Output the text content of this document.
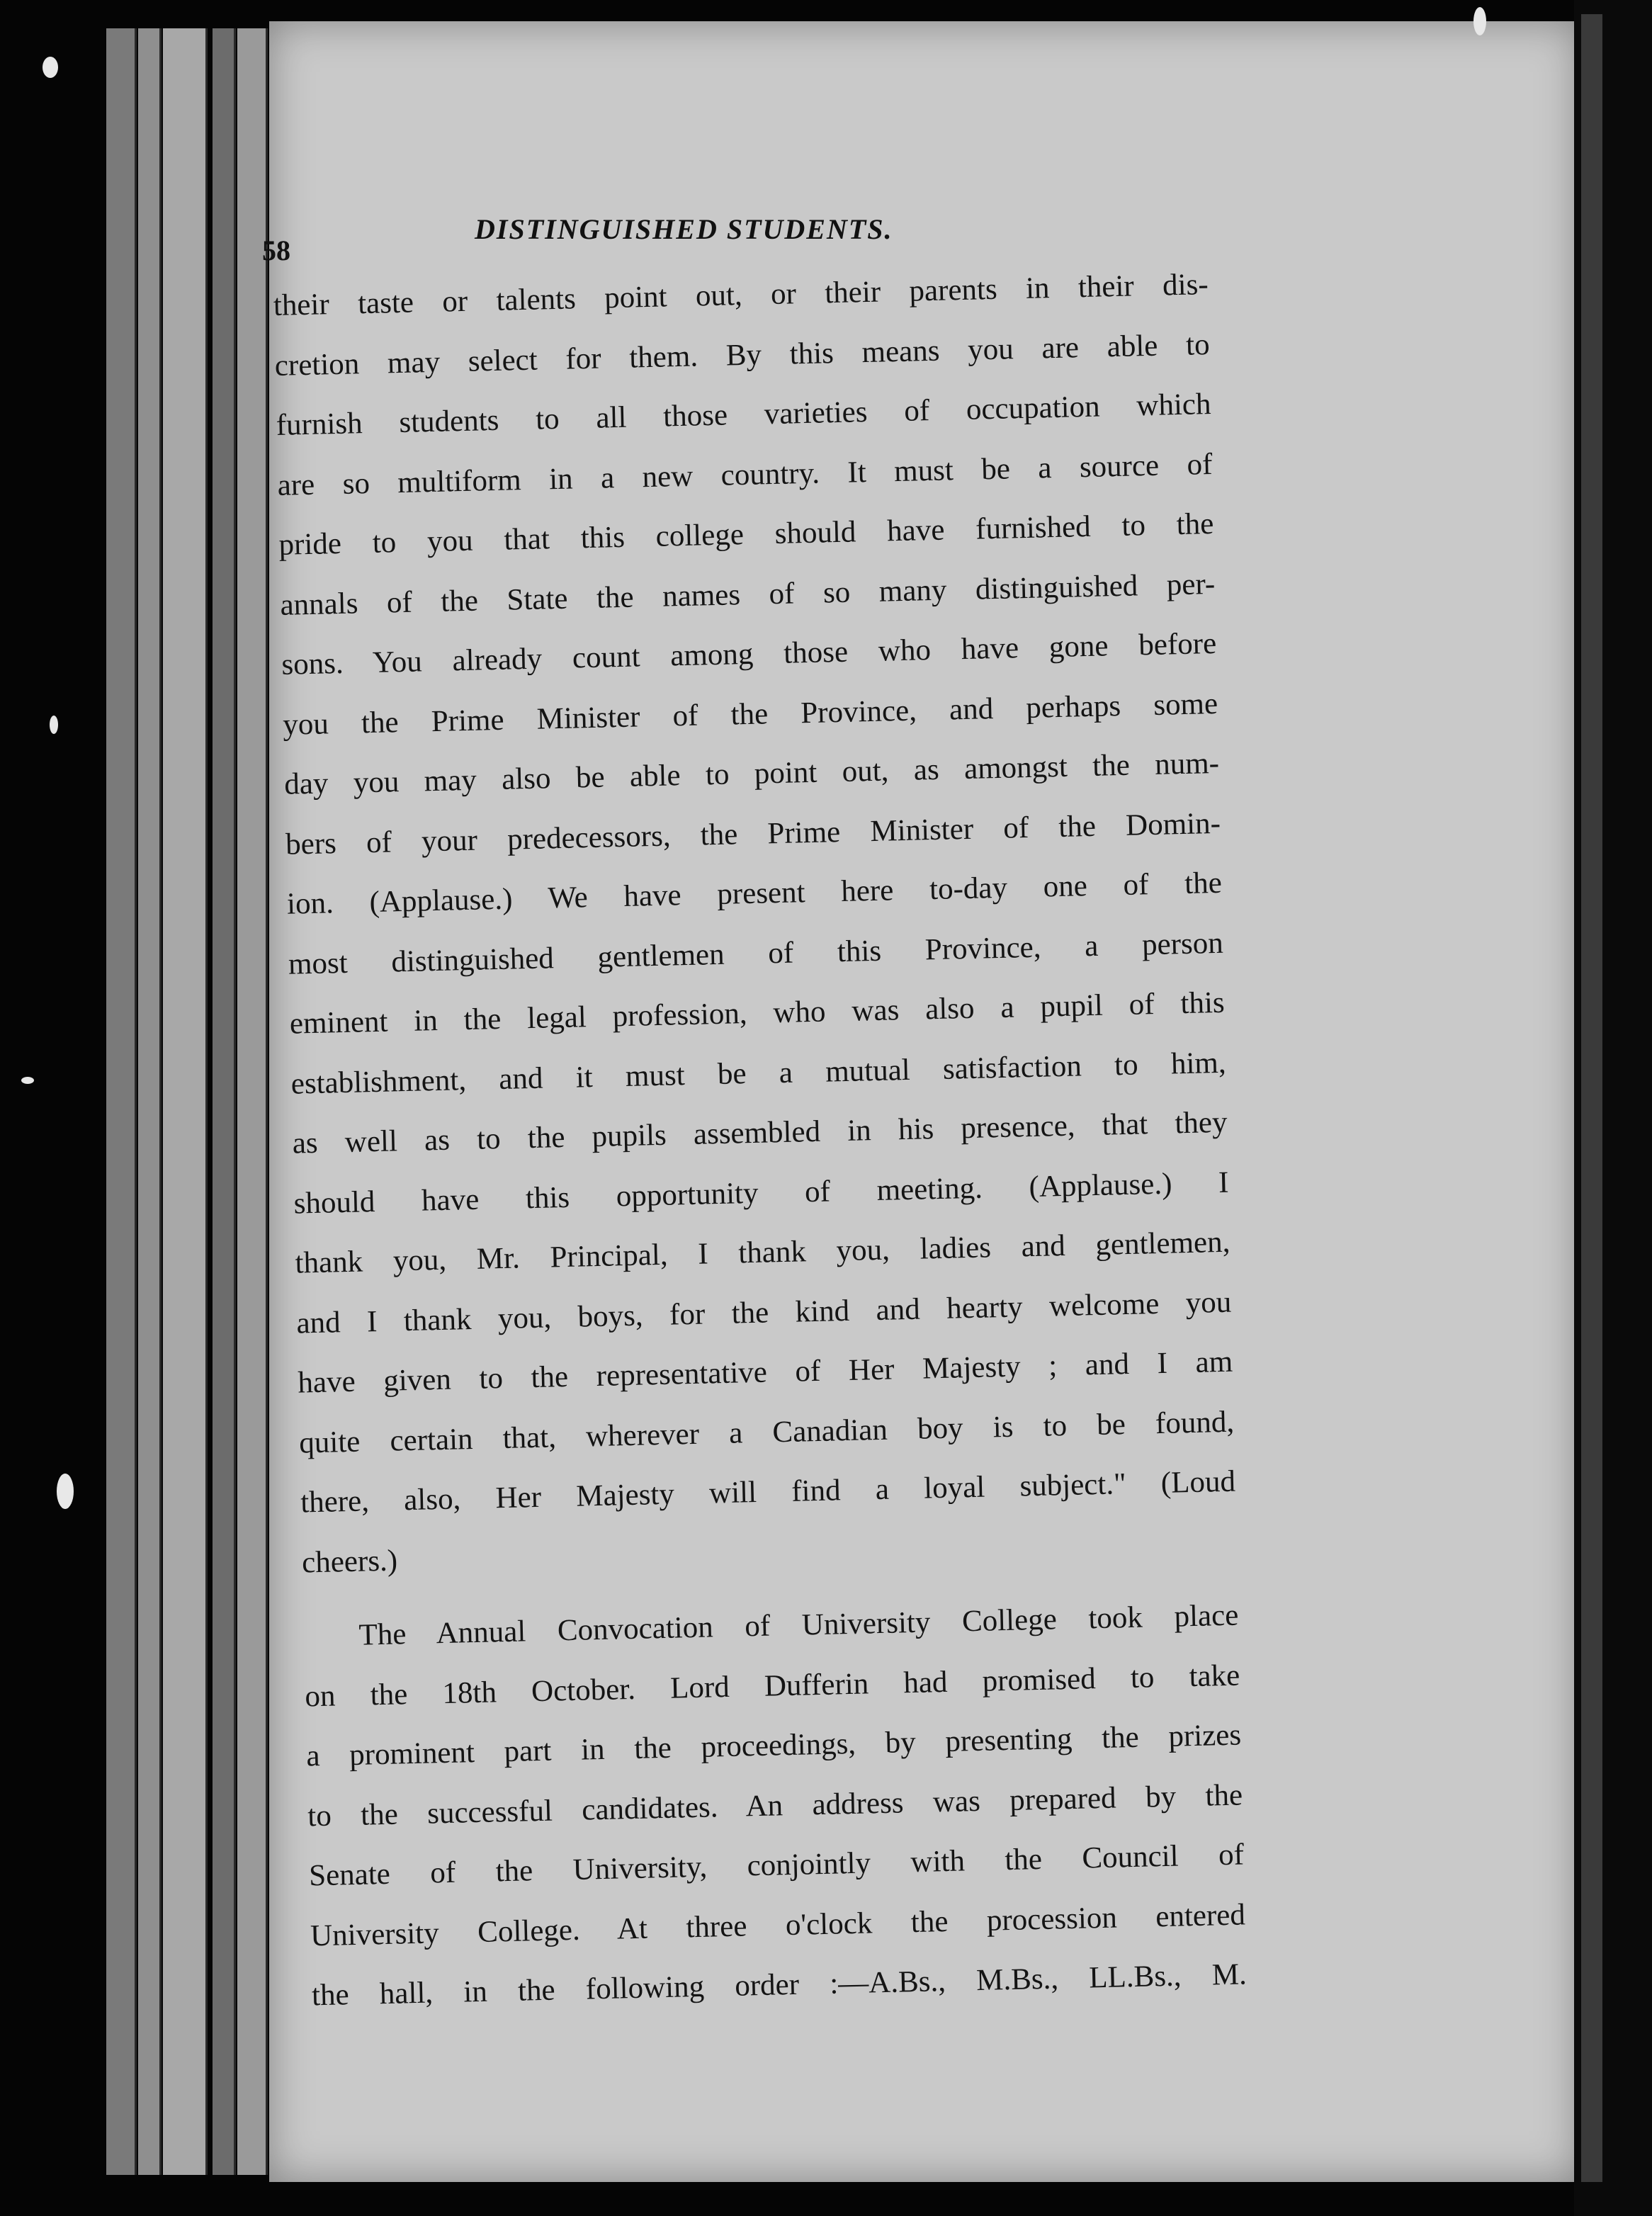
58
DISTINGUISHED STUDENTS.
their taste or talents point out, or their parents in their dis-
cretion may select for them. By this means you are able to
furnish students to all those varieties of occupation which
are so multiform in a new country. It must be a source of
pride to you that this college should have furnished to the
annals of the State the names of so many distinguished per-
sons. You already count among those who have gone before
you the Prime Minister of the Province, and perhaps some
day you may also be able to point out, as amongst the num-
bers of your predecessors, the Prime Minister of the Domin-
ion. (Applause.) We have present here to-day one of the
most distinguished gentlemen of this Province, a person
eminent in the legal profession, who was also a pupil of this
establishment, and it must be a mutual satisfaction to him,
as well as to the pupils assembled in his presence, that they
should have this opportunity of meeting. (Applause.) I
thank you, Mr. Principal, I thank you, ladies and gentlemen,
and I thank you, boys, for the kind and hearty welcome you
have given to the representative of Her Majesty ; and I am
quite certain that, wherever a Canadian boy is to be found,
there, also, Her Majesty will find a loyal subject." (Loud
cheers.)
The Annual Convocation of University College took place
on the 18th October. Lord Dufferin had promised to take
a prominent part in the proceedings, by presenting the prizes
to the successful candidates. An address was prepared by the
Senate of the University, conjointly with the Council of
University College. At three o'clock the procession entered
the hall, in the following order :—A.Bs., M.Bs., LL.Bs., M.
